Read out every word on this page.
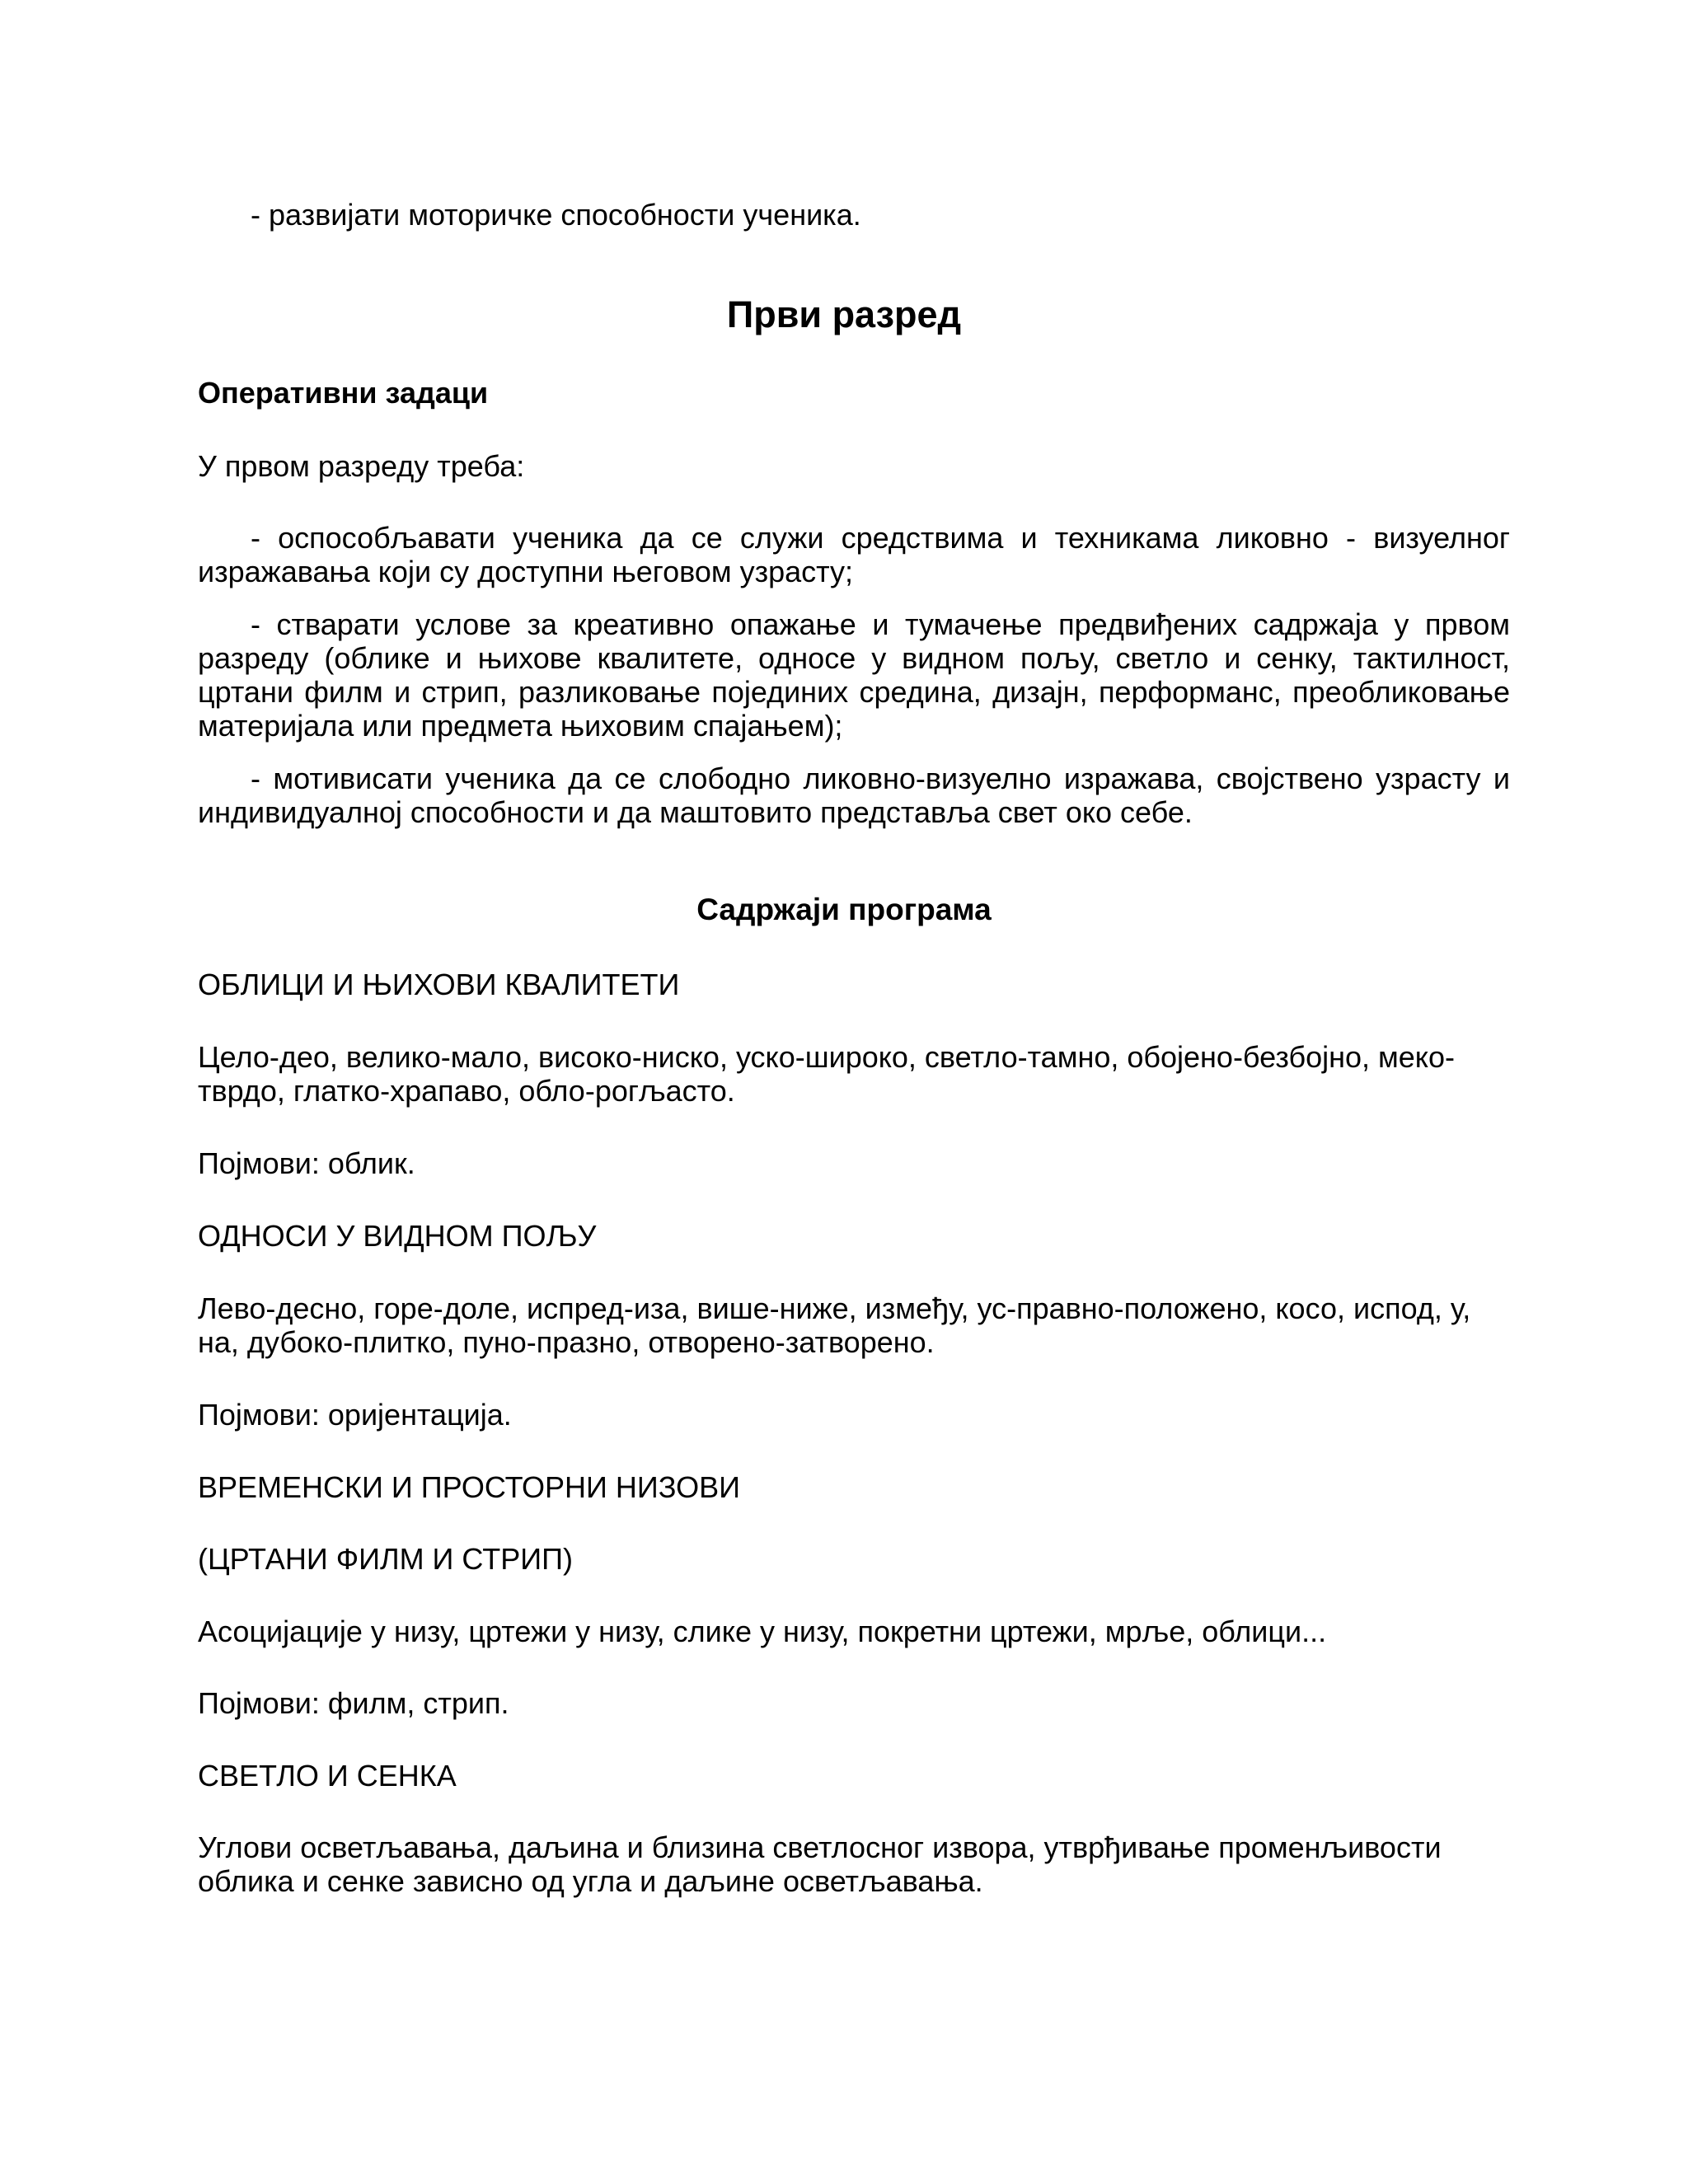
- развијати моторичке способности ученика.

Први разред

Оперативни задаци

У првом разреду треба:

- оспособљавати ученика да се служи средствима и техникама ликовно - визуелног
изражавања који су доступни његовом узрасту;
- стварати услове за креативно опажање и тумачење предвиђених садржаја у првом
разреду (облике и њихове квалитете, односе у видном пољу, светло и сенку, тактилност,
цртани филм и стрип, разликовање појединих средина, дизајн, перформанс, преобликовање
материјала или предмета њиховим спајањем);
- мотивисати ученика да се слободно ликовно-визуелно изражава, својствено узрасту и
индивидуалној способности и да маштовито представља свет око себе.
Садржаји програма

ОБЛИЦИ И ЊИХОВИ КВАЛИТЕТИ

Цело-део, велико-мало, високо-ниско, уско-широко, светло-тамно, обојено-безбојно, меко-

тврдо, глатко-храпаво, обло-рогљасто.

Појмови: облик.

ОДНОСИ У ВИДНОМ ПОЉУ

Лево-десно, горе-доле, испред-иза, више-ниже, између, ус-правно-положено, косо, испод, у,

на, дубоко-плитко, пуно-празно, отворено-затворено.

Појмови: оријентација.

ВРЕМЕНСКИ И ПРОСТОРНИ НИЗОВИ

(ЦРТАНИ ФИЛМ И СТРИП)

Асоцијације у низу, цртежи у низу, слике у низу, покретни цртежи, мрље, облици...

Појмови: филм, стрип.

СВЕТЛО И СЕНКА

Углови осветљавања, даљина и близина светлосног извора, утврђивање променљивости

облика и сенке зависно од угла и даљине осветљавања.
